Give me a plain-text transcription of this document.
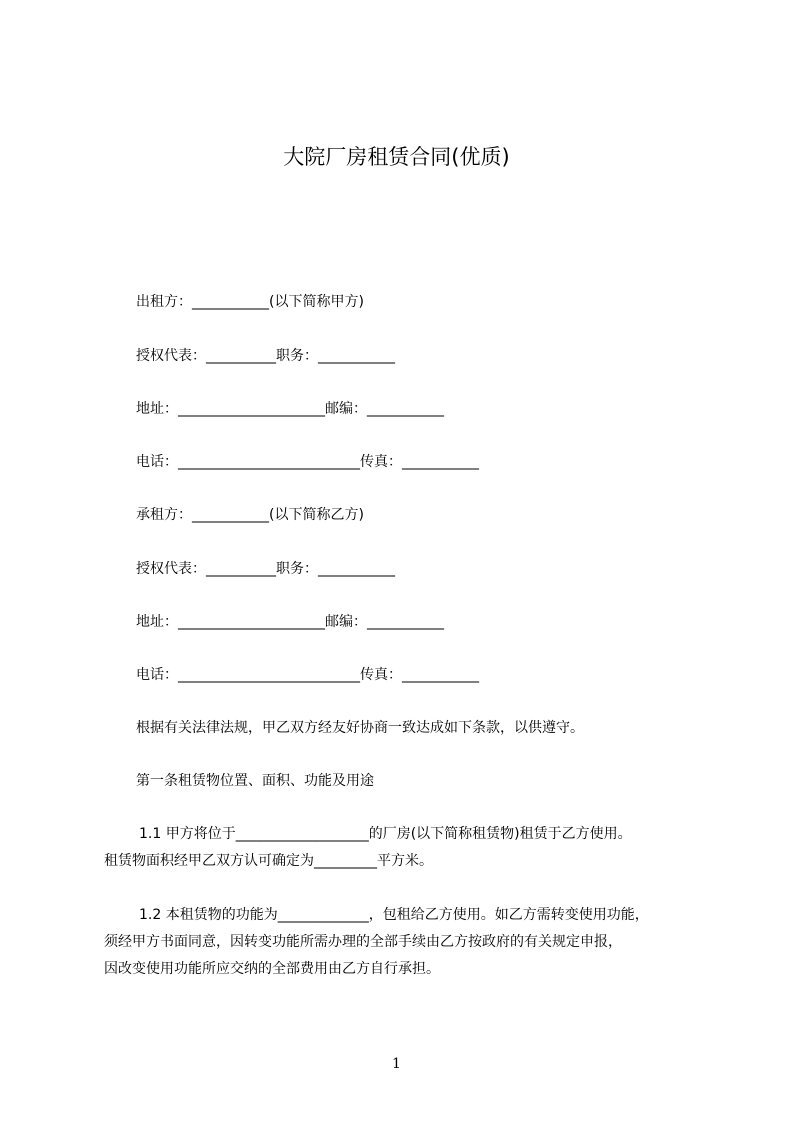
大院厂房租赁合同(优质)
出租方：___________(以下简称甲方)
授权代表：__________职务：___________
地址：_____________________邮编：___________
电话：__________________________传真：___________
承租方：___________(以下简称乙方)
授权代表：__________职务：___________
地址：_____________________邮编：___________
电话：__________________________传真：___________
根据有关法律法规，甲乙双方经友好协商一致达成如下条款，以供遵守。
第一条租赁物位置、面积、功能及用途
1.1 甲方将位于___________________的厂房(以下简称租赁物)租赁于乙方使用。
租赁物面积经甲乙双方认可确定为_________平方米。
1.2 本租赁物的功能为_____________，包租给乙方使用。如乙方需转变使用功能，
须经甲方书面同意，因转变功能所需办理的全部手续由乙方按政府的有关规定申报，
因改变使用功能所应交纳的全部费用由乙方自行承担。
1
